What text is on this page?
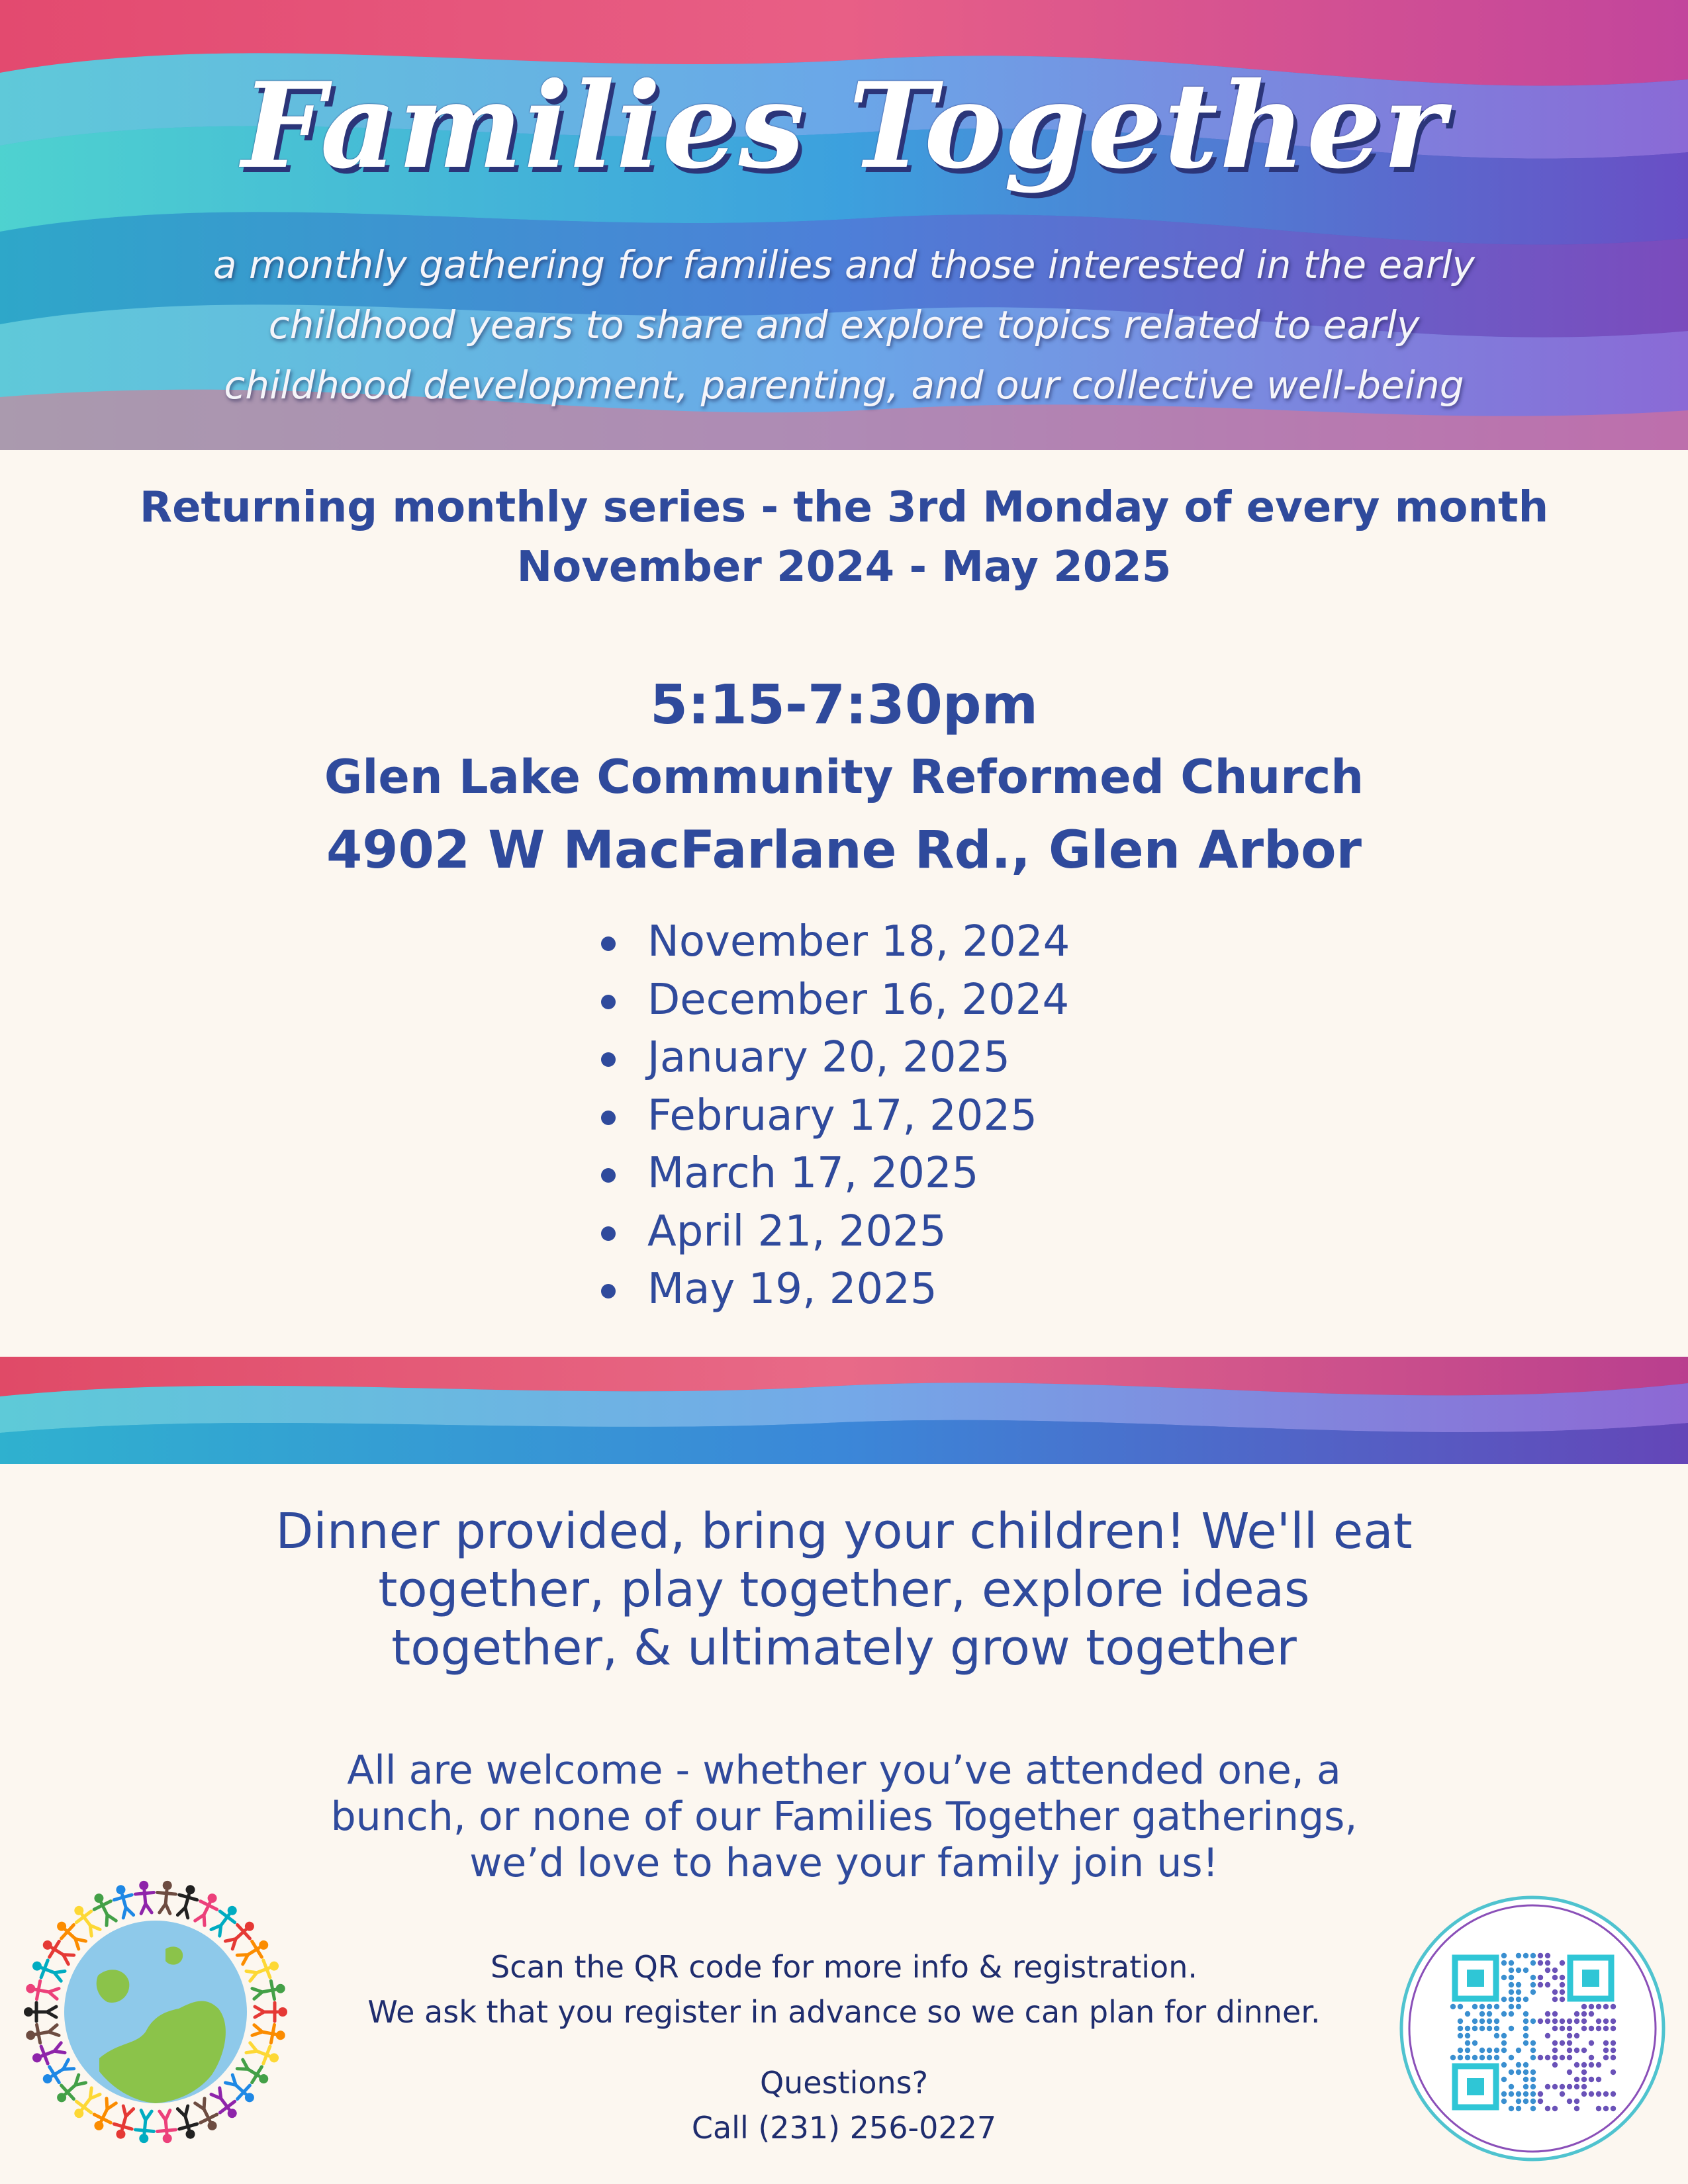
Families Together
a monthly gathering for families and those interested in the early
childhood years to share and explore topics related to early
childhood development, parenting, and our collective well-being
Returning monthly series - the 3rd Monday of every month
November 2024 - May 2025
5:15-7:30pm
Glen Lake Community Reformed Church
4902 W MacFarlane Rd., Glen Arbor
November 18, 2024
December 16, 2024
January 20, 2025
February 17, 2025
March 17, 2025
April 21, 2025
May 19, 2025
Dinner provided, bring your children! We'll eat
together, play together, explore ideas
together, & ultimately grow together
All are welcome - whether you’ve attended one, a
bunch, or none of our Families Together gatherings,
we’d love to have your family join us!
Scan the QR code for more info & registration.
We ask that you register in advance so we can plan for dinner.
Questions?
Call (231) 256-0227
